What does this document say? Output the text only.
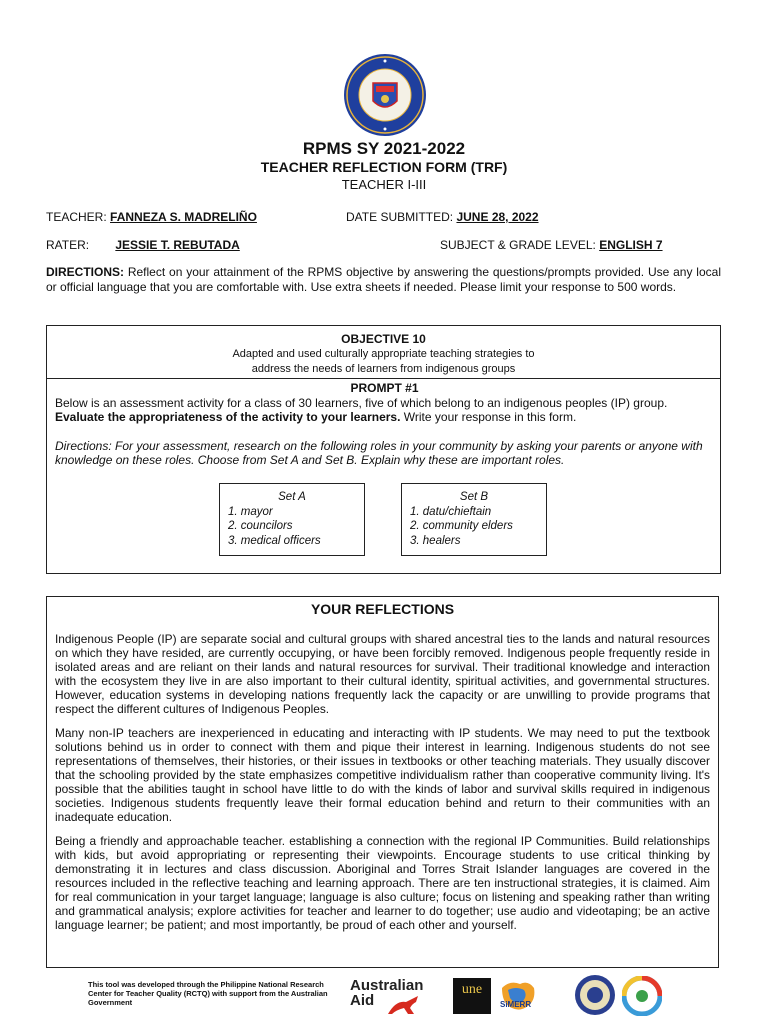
RPMS SY 2021-2022
TEACHER REFLECTION FORM (TRF)
TEACHER I-III
TEACHER: FANNEZA S. MADRELIÑO	DATE SUBMITTED: JUNE 28, 2022
RATER: JESSIE T. REBUTADA	SUBJECT & GRADE LEVEL: ENGLISH 7
DIRECTIONS: Reflect on your attainment of the RPMS objective by answering the questions/prompts provided. Use any local or official language that you are comfortable with. Use extra sheets if needed. Please limit your response to 500 words.
OBJECTIVE 10
Adapted and used culturally appropriate teaching strategies to
address the needs of learners from indigenous groups
PROMPT #1
Below is an assessment activity for a class of 30 learners, five of which belong to an indigenous peoples (IP) group.
Evaluate the appropriateness of the activity to your learners. Write your response in this form.
Directions: For your assessment, research on the following roles in your community by asking your parents or anyone with knowledge on these roles. Choose from Set A and Set B. Explain why these are important roles.
Set A
1. mayor
2. councilors
3. medical officers
Set B
1. datu/chieftain
2. community elders
3. healers
YOUR REFLECTIONS

Indigenous People (IP) are separate social and cultural groups with shared ancestral ties to the lands and natural resources on which they have resided, are currently occupying, or have been forcibly removed. Indigenous people frequently reside in isolated areas and are reliant on their lands and natural resources for survival. Their traditional knowledge and interaction with the ecosystem they live in are also important to their cultural identity, spiritual activities, and governmental structures. However, education systems in developing nations frequently lack the capacity or are unwilling to provide programs that respect the different cultures of Indigenous Peoples.

Many non-IP teachers are inexperienced in educating and interacting with IP students. We may need to put the textbook solutions behind us in order to connect with them and pique their interest in learning. Indigenous students do not see representations of themselves, their histories, or their issues in textbooks or other teaching materials. They usually discover that the schooling provided by the state emphasizes competitive individualism rather than cooperative community living. It's possible that the abilities taught in school have little to do with the kinds of labor and survival skills required in indigenous societies. Indigenous students frequently leave their formal education behind and return to their communities with an inadequate education.

Being a friendly and approachable teacher. establishing a connection with the regional IP Communities. Build relationships with kids, but avoid appropriating or representing their viewpoints. Encourage students to use critical thinking by demonstrating it in lectures and class discussion. Aboriginal and Torres Strait Islander languages are covered in the resources included in the reflective teaching and learning approach. There are ten instructional strategies, it is claimed. Aim for real communication in your target language; language is also culture; focus on listening and speaking rather than writing and grammatical analysis; explore activities for teacher and learner to do together; use audio and videotaping; be an active language learner; be patient; and most importantly, be proud of each other and yourself.

This tool was developed through the Philippine National Research Center for Teacher Quality (RCTQ) with support from the Australian Government
Australian
Aid
une
SiMERR
